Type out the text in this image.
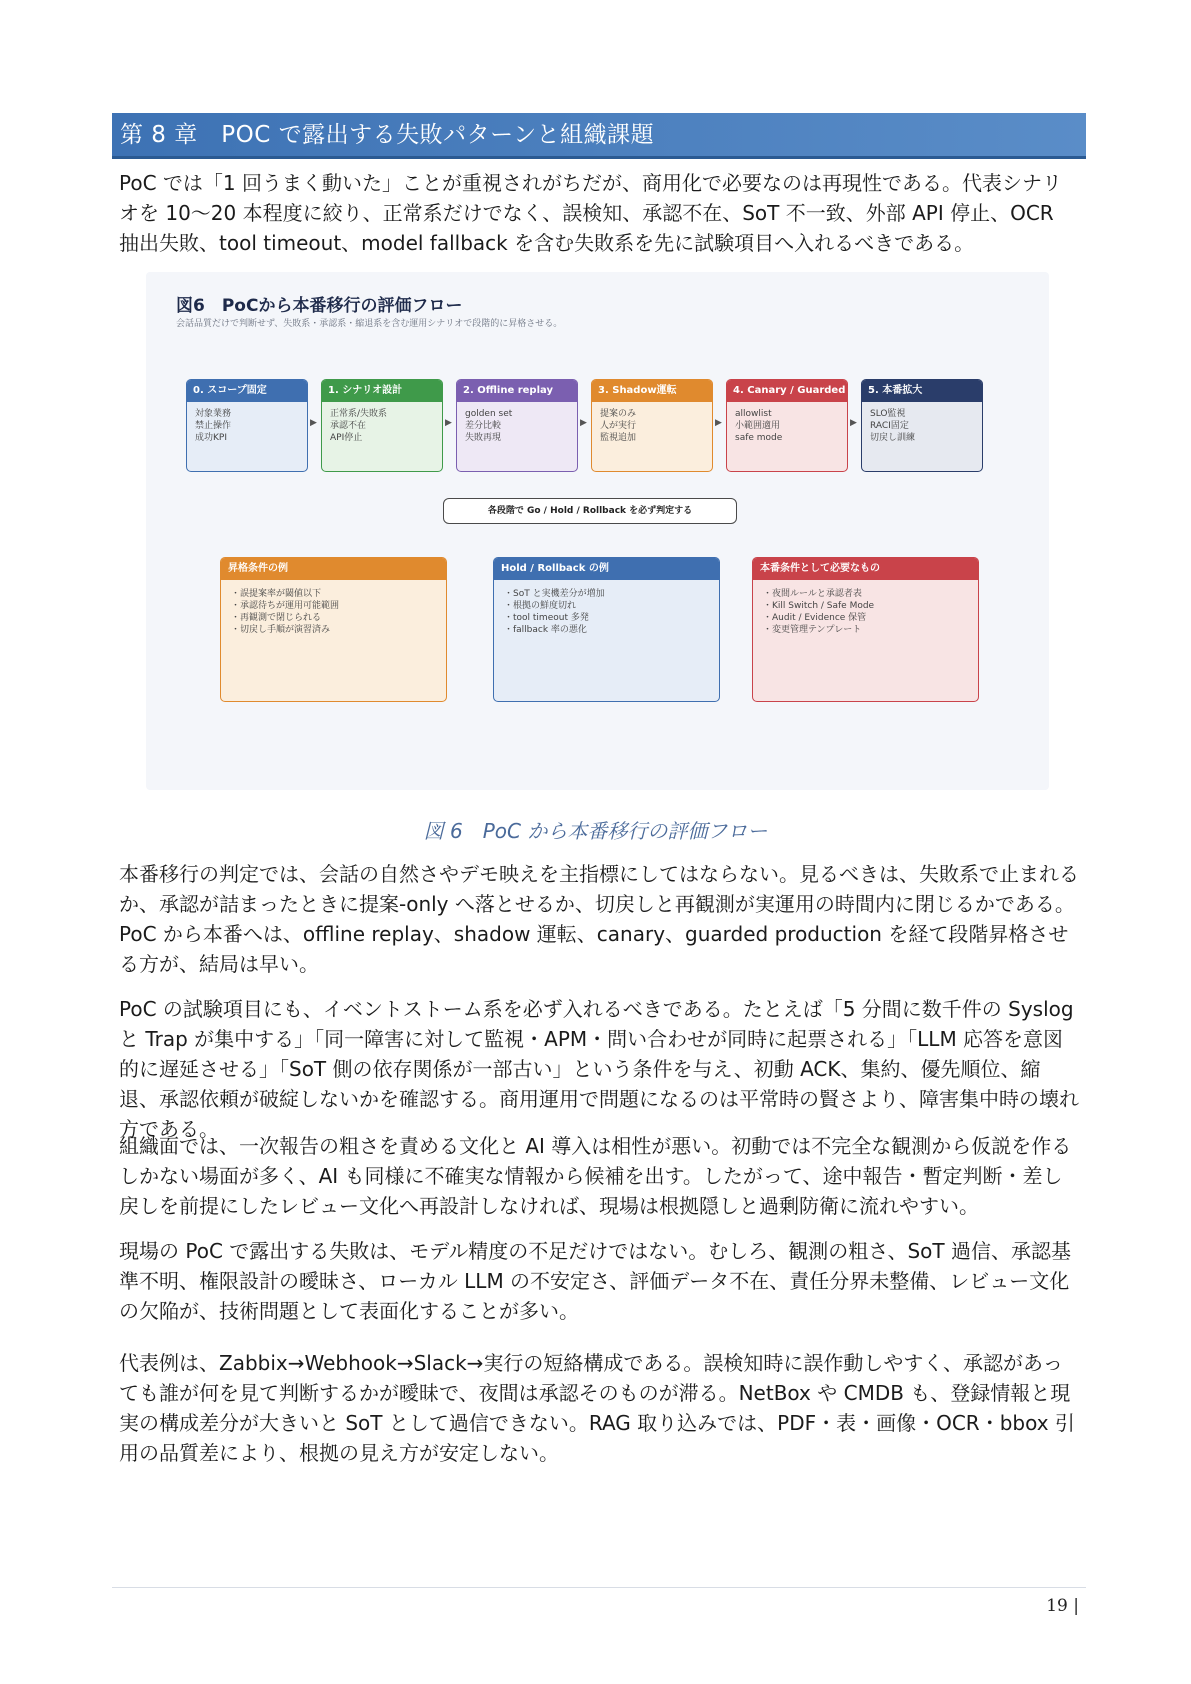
第 8 章　POC で露出する失敗パターンと組織課題

PoC では「1 回うまく動いた」ことが重視されがちだが、商用化で必要なのは再現性である。代表シナリオを 10〜20 本程度に絞り、正常系だけでなく、誤検知、承認不在、SoT 不一致、外部 API 停止、OCR 抽出失敗、tool timeout、model fallback を含む失敗系を先に試験項目へ入れるべきである。

図6　PoCから本番移行の評価フロー
会話品質だけで判断せず、失敗系・承認系・縮退系を含む運用シナリオで段階的に昇格させる。
0. スコープ固定
対象業務
禁止操作
成功KPI
▶
1. シナリオ設計
正常系/失敗系
承認不在
API停止
▶
2. Offline replay
golden set
差分比較
失敗再現
▶
3. Shadow運転
提案のみ
人が実行
監視追加
▶
4. Canary / Guarded
allowlist
小範囲適用
safe mode
▶
5. 本番拡大
SLO監視
RACI固定
切戻し訓練
各段階で Go / Hold / Rollback を必ず判定する
昇格条件の例
・誤提案率が閾値以下
・承認待ちが運用可能範囲
・再観測で閉じられる
・切戻し手順が演習済み
Hold / Rollback の例
・SoT と実機差分が増加
・根拠の鮮度切れ
・tool timeout 多発
・fallback 率の悪化
本番条件として必要なもの
・夜間ルールと承認者表
・Kill Switch / Safe Mode
・Audit / Evidence 保管
・変更管理テンプレート
図 6　PoC から本番移行の評価フロー

本番移行の判定では、会話の自然さやデモ映えを主指標にしてはならない。見るべきは、失敗系で止まれるか、承認が詰まったときに提案-only へ落とせるか、切戻しと再観測が実運用の時間内に閉じるかである。PoC から本番へは、offline replay、shadow 運転、canary、guarded production を経て段階昇格させる方が、結局は早い。

PoC の試験項目にも、イベントストーム系を必ず入れるべきである。たとえば「5 分間に数千件の Syslog と Trap が集中する」「同一障害に対して監視・APM・問い合わせが同時に起票される」「LLM 応答を意図的に遅延させる」「SoT 側の依存関係が一部古い」という条件を与え、初動 ACK、集約、優先順位、縮退、承認依頼が破綻しないかを確認する。商用運用で問題になるのは平常時の賢さより、障害集中時の壊れ方である。

組織面では、一次報告の粗さを責める文化と AI 導入は相性が悪い。初動では不完全な観測から仮説を作るしかない場面が多く、AI も同様に不確実な情報から候補を出す。したがって、途中報告・暫定判断・差し戻しを前提にしたレビュー文化へ再設計しなければ、現場は根拠隠しと過剰防衛に流れやすい。

現場の PoC で露出する失敗は、モデル精度の不足だけではない。むしろ、観測の粗さ、SoT 過信、承認基準不明、権限設計の曖昧さ、ローカル LLM の不安定さ、評価データ不在、責任分界未整備、レビュー文化の欠陥が、技術問題として表面化することが多い。

代表例は、Zabbix→Webhook→Slack→実行の短絡構成である。誤検知時に誤作動しやすく、承認があっても誰が何を見て判断するかが曖昧で、夜間は承認そのものが滞る。NetBox や CMDB も、登録情報と現実の構成差分が大きいと SoT として過信できない。RAG 取り込みでは、PDF・表・画像・OCR・bbox 引用の品質差により、根拠の見え方が安定しない。

19 |
